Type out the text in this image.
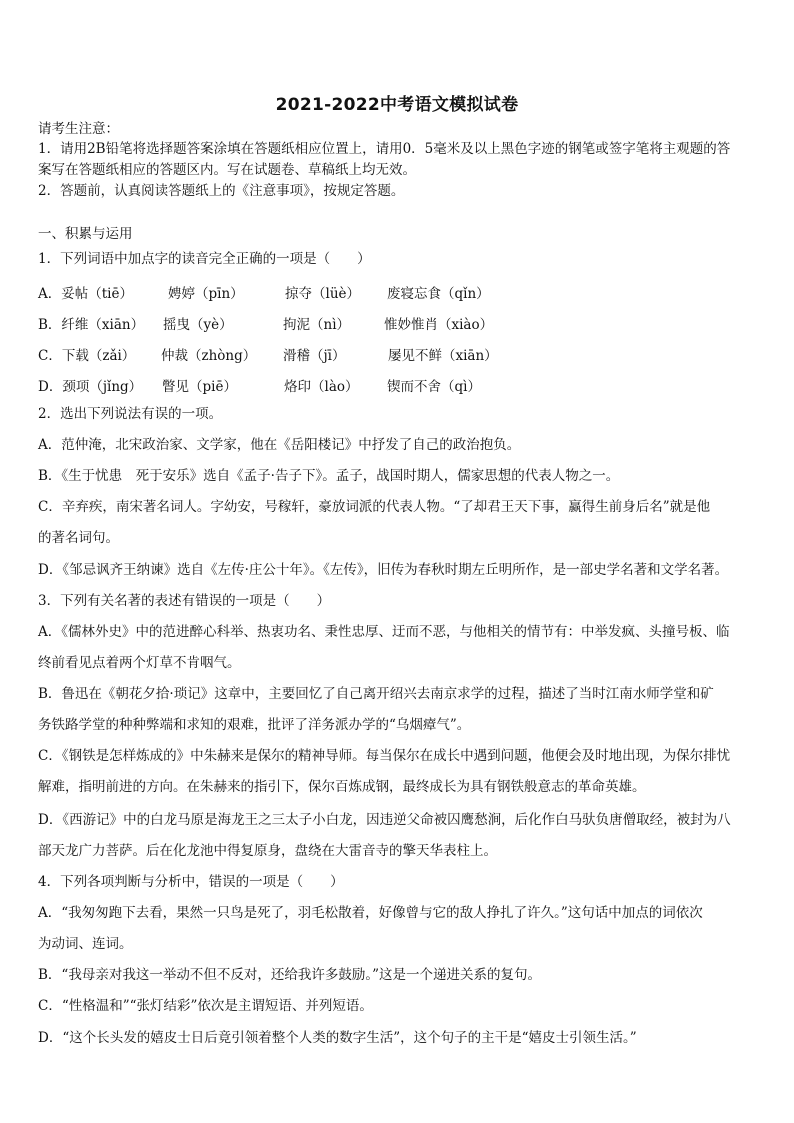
2021-2022中考语文模拟试卷
请考生注意：
1．请用2B铅笔将选择题答案涂填在答题纸相应位置上，请用0．5毫米及以上黑色字迹的钢笔或签字笔将主观题的答
案写在答题纸相应的答题区内。写在试题卷、草稿纸上均无效。
2．答题前，认真阅读答题纸上的《注意事项》，按规定答题。
一、积累与运用
1．下列词语中加点字的读音完全正确的一项是（　　）
A．妥帖（tiē）	娉婷（pīn）	掠夺（lüè） 废寝忘食（qǐn）
B．纤维（xiān） 摇曳（yè）	拘泥（nì）	惟妙惟肖（xiào）
C．下载（zǎi） 仲裁（zhòng） 滑稽（jī）	屡见不鲜（xiān）
D．颈项（jǐng） 瞥见（piē）	烙印（lào） 锲而不舍（qì）
2．选出下列说法有误的一项。
A．范仲淹，北宋政治家、文学家，他在《岳阳楼记》中抒发了自己的政治抱负。
B．《生于忧患　死于安乐》选自《孟子·告子下》。孟子，战国时期人，儒家思想的代表人物之一。
C．辛弃疾，南宋著名词人。字幼安，号稼轩，豪放词派的代表人物。“了却君王天下事，赢得生前身后名”就是他
的著名词句。
D．《邹忌讽齐王纳谏》选自《左传·庄公十年》。《左传》，旧传为春秋时期左丘明所作，是一部史学名著和文学名著。
3．下列有关名著的表述有错误的一项是（　　）
A．《儒林外史》中的范进醉心科举、热衷功名、秉性忠厚、迂而不恶，与他相关的情节有：中举发疯、头撞号板、临
终前看见点着两个灯草不肯咽气。
B．鲁迅在《朝花夕拾·琐记》这章中，主要回忆了自己离开绍兴去南京求学的过程，描述了当时江南水师学堂和矿
务铁路学堂的种种弊端和求知的艰难，批评了洋务派办学的“乌烟瘴气”。
C．《钢铁是怎样炼成的》中朱赫来是保尔的精神导师。每当保尔在成长中遇到问题，他便会及时地出现，为保尔排忧
解难，指明前进的方向。在朱赫来的指引下，保尔百炼成钢，最终成长为具有钢铁般意志的革命英雄。
D．《西游记》中的白龙马原是海龙王之三太子小白龙，因违逆父命被囚鹰愁涧，后化作白马驮负唐僧取经，被封为八
部天龙广力菩萨。后在化龙池中得复原身，盘绕在大雷音寺的擎天华表柱上。
4．下列各项判断与分析中，错误的一项是（　　）
A．“我匆匆跑下去看，果然一只鸟是死了，羽毛松散着，好像曾与它的敌人挣扎了许久。”这句话中加点的词依次
为动词、连词。
B．“我母亲对我这一举动不但不反对，还给我许多鼓励。”这是一个递进关系的复句。
C．“性格温和”“张灯结彩”依次是主谓短语、并列短语。
D．“这个长头发的嬉皮士日后竟引领着整个人类的数字生活”，这个句子的主干是“嬉皮士引领生活。”
